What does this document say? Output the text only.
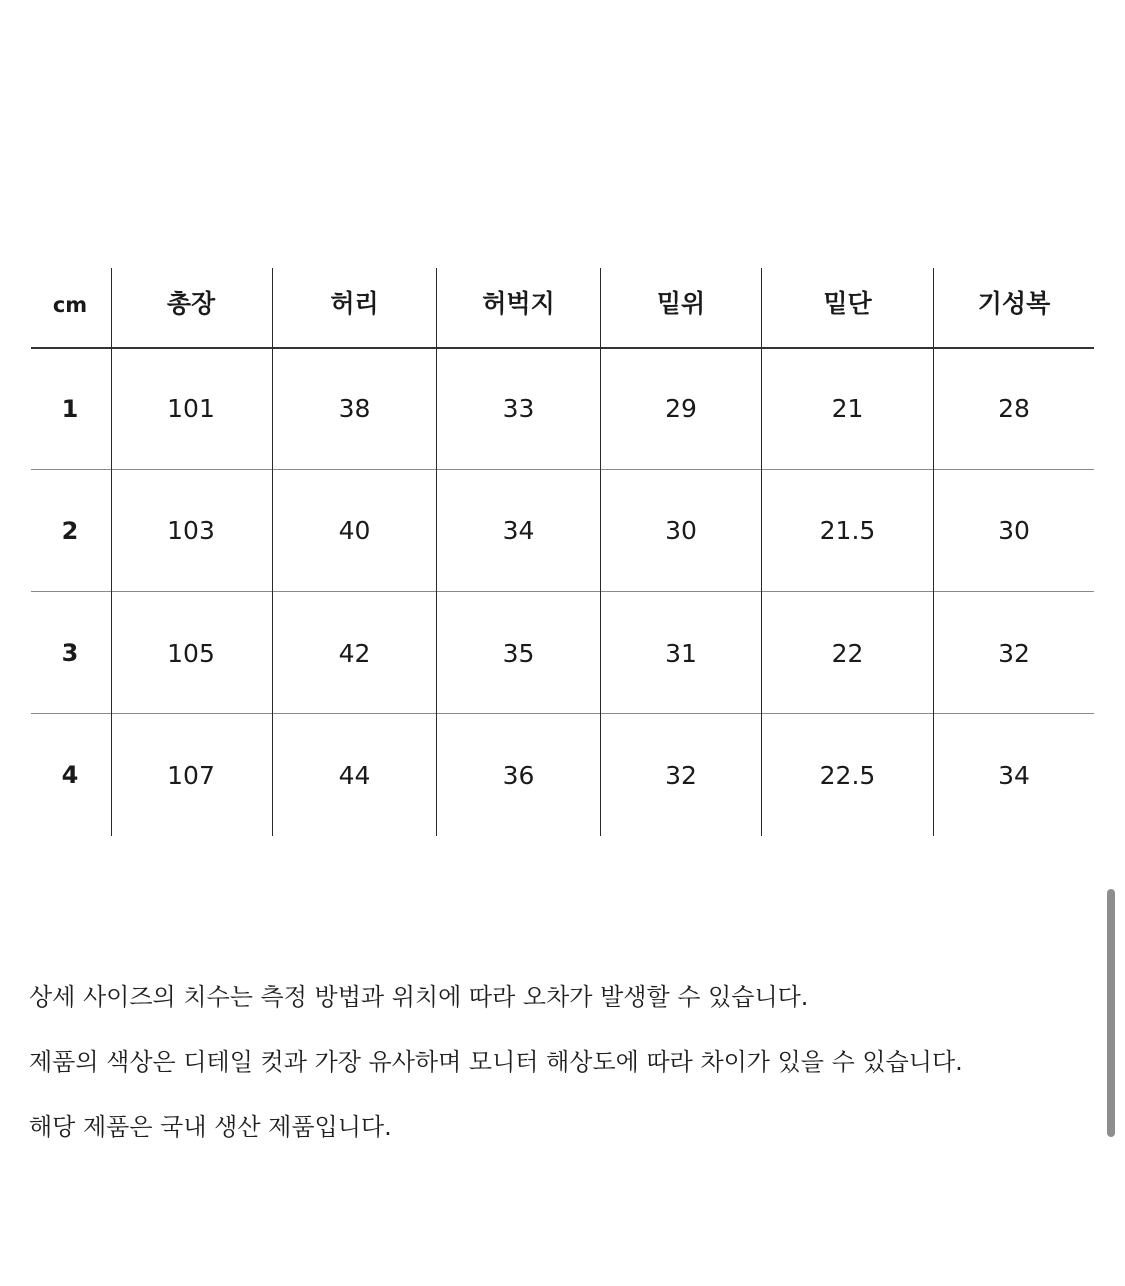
cm	총장	허리	허벅지	밑위	밑단	기성복
1	101	38	33	29	21	28
2	103	40	34	30	21.5	30
3	105	42	35	31	22	32
4	107	44	36	32	22.5	34

상세 사이즈의 치수는 측정 방법과 위치에 따라 오차가 발생할 수 있습니다.

제품의 색상은 디테일 컷과 가장 유사하며 모니터 해상도에 따라 차이가 있을 수 있습니다.

해당 제품은 국내 생산 제품입니다.
